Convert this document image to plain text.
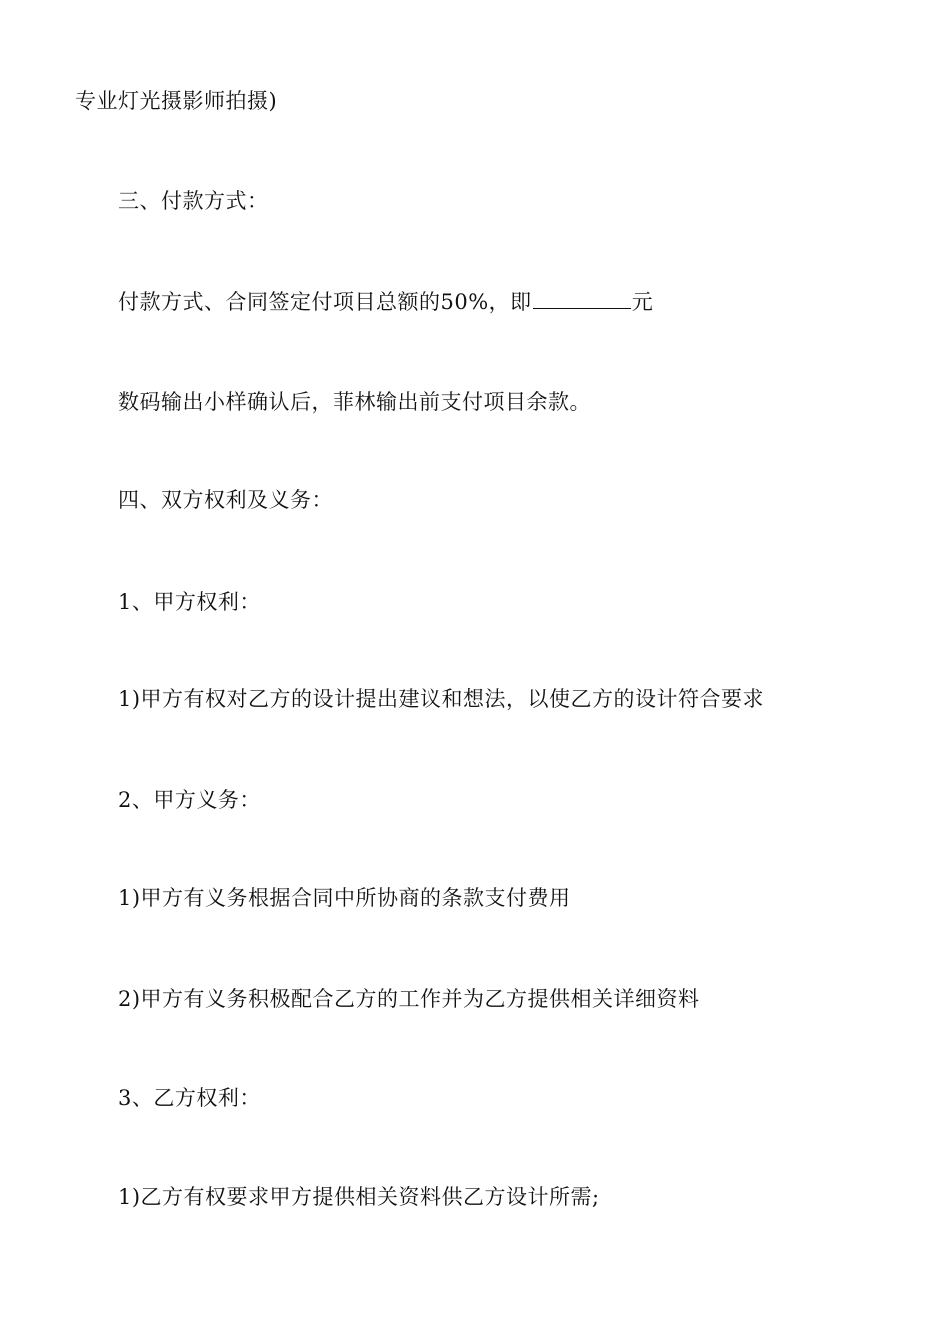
专业灯光摄影师拍摄)
三、付款方式：
付款方式、合同签定付项目总额的50%，即	元
数码输出小样确认后，菲林输出前支付项目余款。
四、双方权利及义务：
1、甲方权利：
1)甲方有权对乙方的设计提出建议和想法，以使乙方的设计符合要求
2、甲方义务：
1)甲方有义务根据合同中所协商的条款支付费用
2)甲方有义务积极配合乙方的工作并为乙方提供相关详细资料
3、乙方权利：
1)乙方有权要求甲方提供相关资料供乙方设计所需;
